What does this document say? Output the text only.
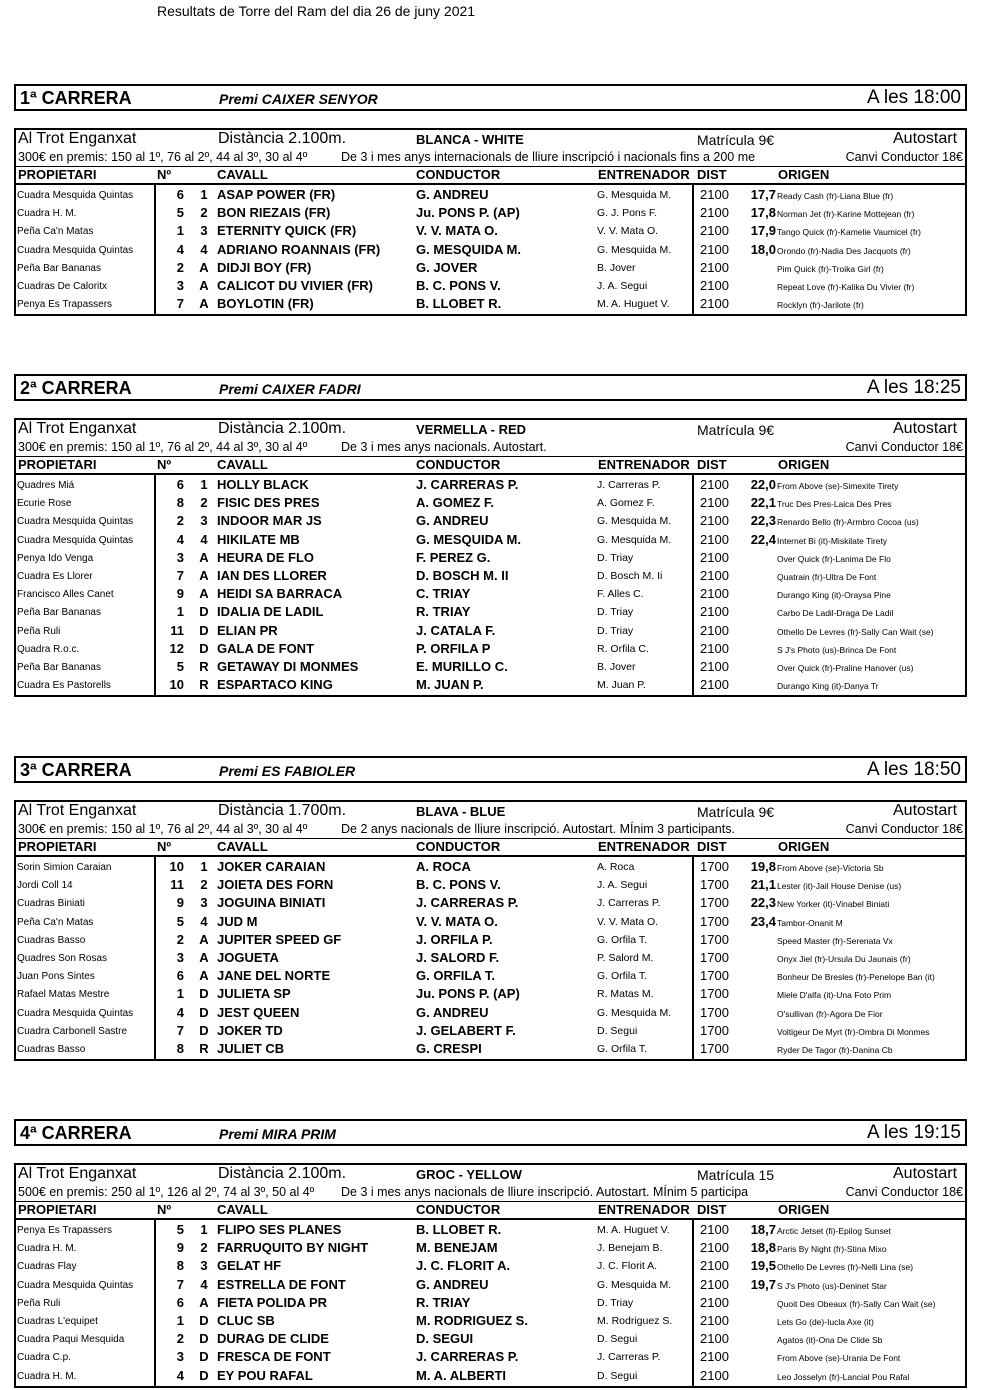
Resultats de Torre del Ram del dia 26 de juny 2021
1ª CARRERA	Premi CAIXER SENYOR	A les 18:00
Al Trot Enganxat	Distància 2.100m.	BLANCA - WHITE	Matrícula 9€	Autostart
300€ en premis: 150 al 1º, 76 al 2º, 44 al 3º, 30 al 4º	De 3 i mes anys internacionals de lliure inscripció i nacionals fins a 200 me	Canvi Conductor 18€
PROPIETARI	Nº	CAVALL	CONDUCTOR	ENTRENADOR DIST	ORIGEN
Cuadra Mesquida Quintas	6 1 ASAP POWER (FR)	G. ANDREU	G. Mesquida M. 2100	17,7 Ready Cash (fr)-Liana Blue (fr)
Cuadra H. M.	5 2 BON RIEZAIS (FR)	Ju. PONS P. (AP)	G. J. Pons F.	2100	17,8 Norman Jet (fr)-Karine Mottejean (fr)
Peña Ca'n Matas	1 3 ETERNITY QUICK (FR)	V. V. MATA O.	V. V. Mata O.	2100	17,9 Tango Quick (fr)-Kamelie Vaumicel (fr)
Cuadra Mesquida Quintas	4 4 ADRIANO ROANNAIS (FR)	G. MESQUIDA M.	G. Mesquida M. 2100	18,0 Orondo (fr)-Nadia Des Jacquots (fr)
Peña Bar Bananas	2 A DIDJI BOY (FR)	G. JOVER	B. Jover	2100	Pim Quick (fr)-Troika Girl (fr)
Cuadras De Caloritx	3 A CALICOT DU VIVIER (FR)	B. C. PONS V.	J. A. Segui	2100	Repeat Love (fr)-Kalika Du Vivier (fr)
Penya Es Trapassers	7 A BOYLOTIN (FR)	B. LLOBET R.	M. A. Huguet V. 2100	Rocklyn (fr)-Jarilote (fr)
2ª CARRERA	Premi CAIXER FADRI	A les 18:25
Al Trot Enganxat	Distància 2.100m.	VERMELLA - RED	Matrícula 9€	Autostart
300€ en premis: 150 al 1º, 76 al 2º, 44 al 3º, 30 al 4º	De 3 i mes anys nacionals. Autostart.	Canvi Conductor 18€
PROPIETARI	Nº	CAVALL	CONDUCTOR	ENTRENADOR DIST	ORIGEN
Quadres Miá	6 1 HOLLY BLACK	J. CARRERAS P.	J. Carreras P.	2100	22,0 From Above (se)-Simexite Tirety
Ecurie Rose	8 2 FISIC DES PRES	A. GOMEZ F.	A. Gomez F.	2100	22,1 Truc Des Pres-Laica Des Pres
Cuadra Mesquida Quintas	2 3 INDOOR MAR JS	G. ANDREU	G. Mesquida M. 2100	22,3 Renardo Bello (fr)-Armbro Cocoa (us)
Cuadra Mesquida Quintas	4 4 HIKILATE MB	G. MESQUIDA M.	G. Mesquida M. 2100	22,4 Internet Bi (it)-Miskilate Tirety
Penya Ido Venga	3 A HEURA DE FLO	F. PEREZ G.	D. Triay	2100	Over Quick (fr)-Lanima De Flo
Cuadra Es Llorer	7 A IAN DES LLORER	D. BOSCH M. II	D. Bosch M. Ii	2100	Quatrain (fr)-Ultra De Font
Francisco Alles Canet	9 A HEIDI SA BARRACA	C. TRIAY	F. Alles C.	2100	Durango King (it)-Oraysa Pine
Peña Bar Bananas	1 D IDALIA DE LADIL	R. TRIAY	D. Triay	2100	Carbo De Ladil-Draga De Ladil
Peña Ruli	11 D ELIAN PR	J. CATALA F.	D. Triay	2100	Othello De Levres (fr)-Sally Can Wait (se)
Quadra R.o.c.	12 D GALA DE FONT	P. ORFILA P	R. Orfila C.	2100	S J's Photo (us)-Brinca De Font
Peña Bar Bananas	5 R GETAWAY DI MONMES	E. MURILLO C.	B. Jover	2100	Over Quick (fr)-Praline Hanover (us)
Cuadra Es Pastorells	10 R ESPARTACO KING	M. JUAN P.	M. Juan P.	2100	Durango King (it)-Danya Tr
3ª CARRERA	Premi ES FABIOLER	A les 18:50
Al Trot Enganxat	Distància 1.700m.	BLAVA - BLUE	Matrícula 9€	Autostart
300€ en premis: 150 al 1º, 76 al 2º, 44 al 3º, 30 al 4º	De 2 anys nacionals de lliure inscripció. Autostart. MÍnim 3 participants.	Canvi Conductor 18€
PROPIETARI	Nº	CAVALL	CONDUCTOR	ENTRENADOR DIST	ORIGEN
Sorin Simion Caraian	10 1 JOKER CARAIAN	A. ROCA	A. Roca	1700	19,8 From Above (se)-Victoria Sb
Jordi Coll 14	11 2 JOIETA DES FORN	B. C. PONS V.	J. A. Segui	1700	21,1 Lester (it)-Jail House Denise (us)
Cuadras Biniati	9 3 JOGUINA BINIATI	J. CARRERAS P.	J. Carreras P.	1700	22,3 New Yorker (it)-Vinabel Biniati
Peña Ca'n Matas	5 4 JUD M	V. V. MATA O.	V. V. Mata O.	1700	23,4 Tambor-Onanit M
Cuadras Basso	2 A JUPITER SPEED GF	J. ORFILA P.	G. Orfila T.	1700	Speed Master (fr)-Serenata Vx
Quadres Son Rosas	3 A JOGUETA	J. SALORD F.	P. Salord M.	1700	Onyx Jiel (fr)-Ursula Du Jaunais (fr)
Juan Pons Sintes	6 A JANE DEL NORTE	G. ORFILA T.	G. Orfila T.	1700	Bonheur De Bresles (fr)-Penelope Ban (it)
Rafael Matas Mestre	1 D JULIETA SP	Ju. PONS P. (AP)	R. Matas M.	1700	Miele D'alfa (it)-Una Foto Prim
Cuadra Mesquida Quintas	4 D JEST QUEEN	G. ANDREU	G. Mesquida M. 1700	O'sullivan (fr)-Agora De Fior
Cuadra Carbonell Sastre	7 D JOKER TD	J. GELABERT F.	D. Segui	1700	Voltigeur De Myrt (fr)-Ombra Di Monmes
Cuadras Basso	8 R JULIET CB	G. CRESPI	G. Orfila T.	1700	Ryder De Tagor (fr)-Danina Cb
4ª CARRERA	Premi MIRA PRIM	A les 19:15
Al Trot Enganxat	Distància 2.100m.	GROC - YELLOW	Matrícula 15	Autostart
500€ en premis: 250 al 1º, 126 al 2º, 74 al 3º, 50 al 4º De 3 i mes anys nacionals de lliure inscripció. Autostart. MÍnim 5 participa	Canvi Conductor 18€
PROPIETARI	Nº	CAVALL	CONDUCTOR	ENTRENADOR DIST	ORIGEN
Penya Es Trapassers	5 1 FLIPO SES PLANES	B. LLOBET R.	M. A. Huguet V. 2100	18,7 Arctic Jetset (fi)-Epilog Sunset
Cuadra H. M.	9 2 FARRUQUITO BY NIGHT	M. BENEJAM	J. Benejam B.	2100	18,8 Paris By Night (fr)-Stina Mixo
Cuadras Flay	8 3 GELAT HF	J. C. FLORIT A.	J. C. Florit A.	2100	19,5 Othello De Levres (fr)-Nelli Lina (se)
Cuadra Mesquida Quintas	7 4 ESTRELLA DE FONT	G. ANDREU	G. Mesquida M. 2100	19,7 S J's Photo (us)-Deninet Star
Peña Ruli	6 A FIETA POLIDA PR	R. TRIAY	D. Triay	2100	Quoit Des Obeaux (fr)-Sally Can Wait (se)
Cuadras L'equipet	1 D CLUC SB	M. RODRIGUEZ S.	M. Rodriguez S. 2100	Lets Go (de)-Iucla Axe (it)
Cuadra Paqui Mesquida	2 D DURAG DE CLIDE	D. SEGUI	D. Segui	2100	Agatos (it)-Ona De Clide Sb
Cuadra C.p.	3 D FRESCA DE FONT	J. CARRERAS P.	J. Carreras P.	2100	From Above (se)-Urania De Font
Cuadra H. M.	4 D EY POU RAFAL	M. A. ALBERTI	D. Segui	2100	Leo Josselyn (fr)-Lancial Pou Rafal
